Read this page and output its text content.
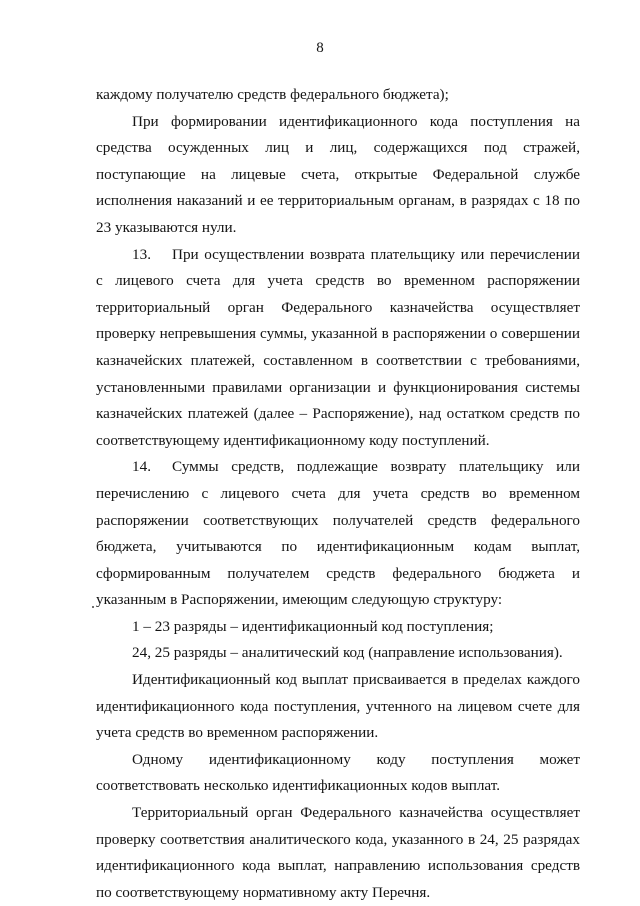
8

каждому получателю средств федерального бюджета);

При формировании идентификационного кода поступления на средства осужденных лиц и лиц, содержащихся под стражей, поступающие на лицевые счета, открытые Федеральной службе исполнения наказаний и ее территориальным органам, в разрядах с 18 по 23 указываются нули.

13. При осуществлении возврата плательщику или перечислении с лицевого счета для учета средств во временном распоряжении территориальный орган Федерального казначейства осуществляет проверку непревышения суммы, указанной в распоряжении о совершении казначейских платежей, составленном в соответствии с требованиями, установленными правилами организации и функционирования системы казначейских платежей (далее – Распоряжение), над остатком средств по соответствующему идентификационному коду поступлений.

14. Суммы средств, подлежащие возврату плательщику или перечислению с лицевого счета для учета средств во временном распоряжении соответствующих получателей средств федерального бюджета, учитываются по идентификационным кодам выплат, сформированным получателем средств федерального бюджета и указанным в Распоряжении, имеющим следующую структуру:

1 – 23 разряды – идентификационный код поступления;

24, 25 разряды – аналитический код (направление использования).

Идентификационный код выплат присваивается в пределах каждого идентификационного кода поступления, учтенного на лицевом счете для учета средств во временном распоряжении.

Одному идентификационному коду поступления может соответствовать несколько идентификационных кодов выплат.

Территориальный орган Федерального казначейства осуществляет проверку соответствия аналитического кода, указанного в 24, 25 разрядах идентификационного кода выплат, направлению использования средств по соответствующему нормативному акту Перечня.
